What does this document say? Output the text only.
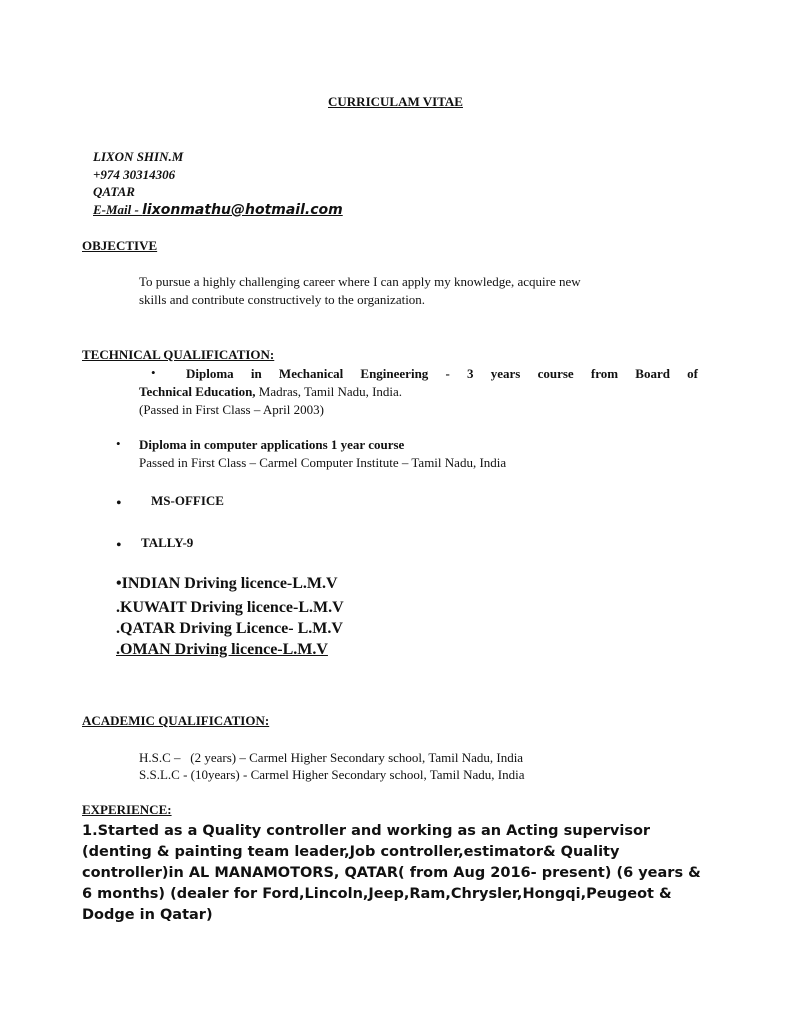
CURRICULAM VITAE
LIXON SHIN.M
+974 30314306
QATAR
E-Mail - lixonmathu@hotmail.com
OBJECTIVE
To pursue a highly challenging career where I can apply my knowledge, acquire new
skills and contribute constructively to the organization.
TECHNICAL QUALIFICATION:
• Diploma in Mechanical Engineering - 3 years course from Board of
Technical Education, Madras, Tamil Nadu, India.
(Passed in First Class – April 2003)
• Diploma in computer applications 1 year course
Passed in First Class – Carmel Computer Institute – Tamil Nadu, India
• MS-OFFICE
• TALLY-9
•INDIAN Driving licence-L.M.V
.KUWAIT Driving licence-L.M.V
.QATAR Driving Licence- L.M.V
.OMAN Driving licence-L.M.V
ACADEMIC QUALIFICATION:
H.S.C –   (2 years) – Carmel Higher Secondary school, Tamil Nadu, India
S.S.L.C - (10years) - Carmel Higher Secondary school, Tamil Nadu, India
EXPERIENCE:
1.Started as a Quality controller and working as an Acting supervisor (denting & painting team leader,Job controller,estimator& Quality controller)in AL MANAMOTORS, QATAR( from Aug 2016- present) (6 years & 6 months) (dealer for Ford,Lincoln,Jeep,Ram,Chrysler,Hongqi,Peugeot & Dodge in Qatar)
